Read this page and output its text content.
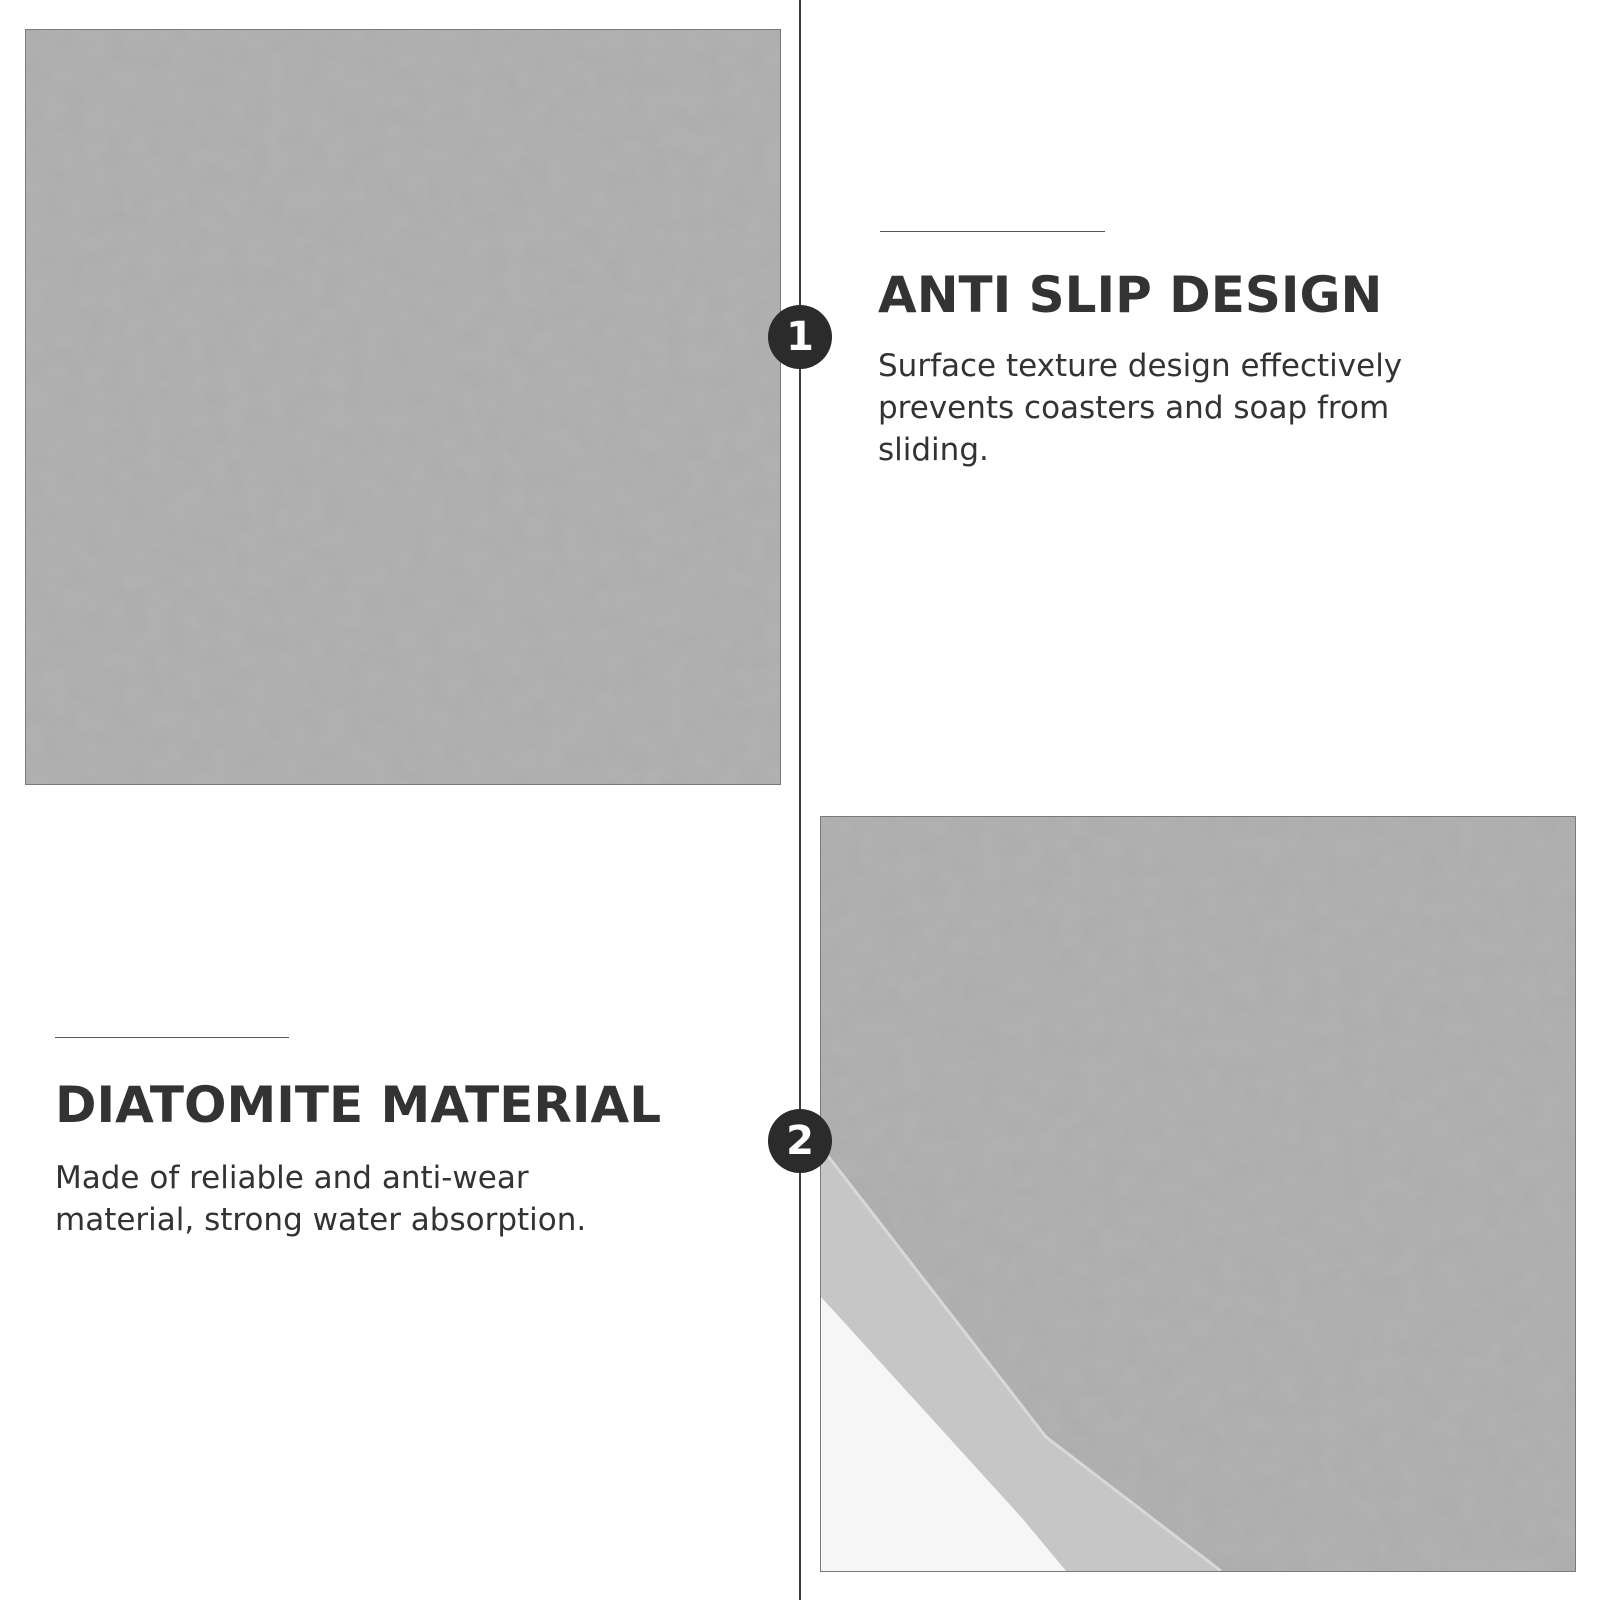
1
ANTI SLIP DESIGN

Surface texture design effectively prevents coasters and soap from sliding.

2
DIATOMITE MATERIAL

Made of reliable and anti-wear material, strong water absorption.
